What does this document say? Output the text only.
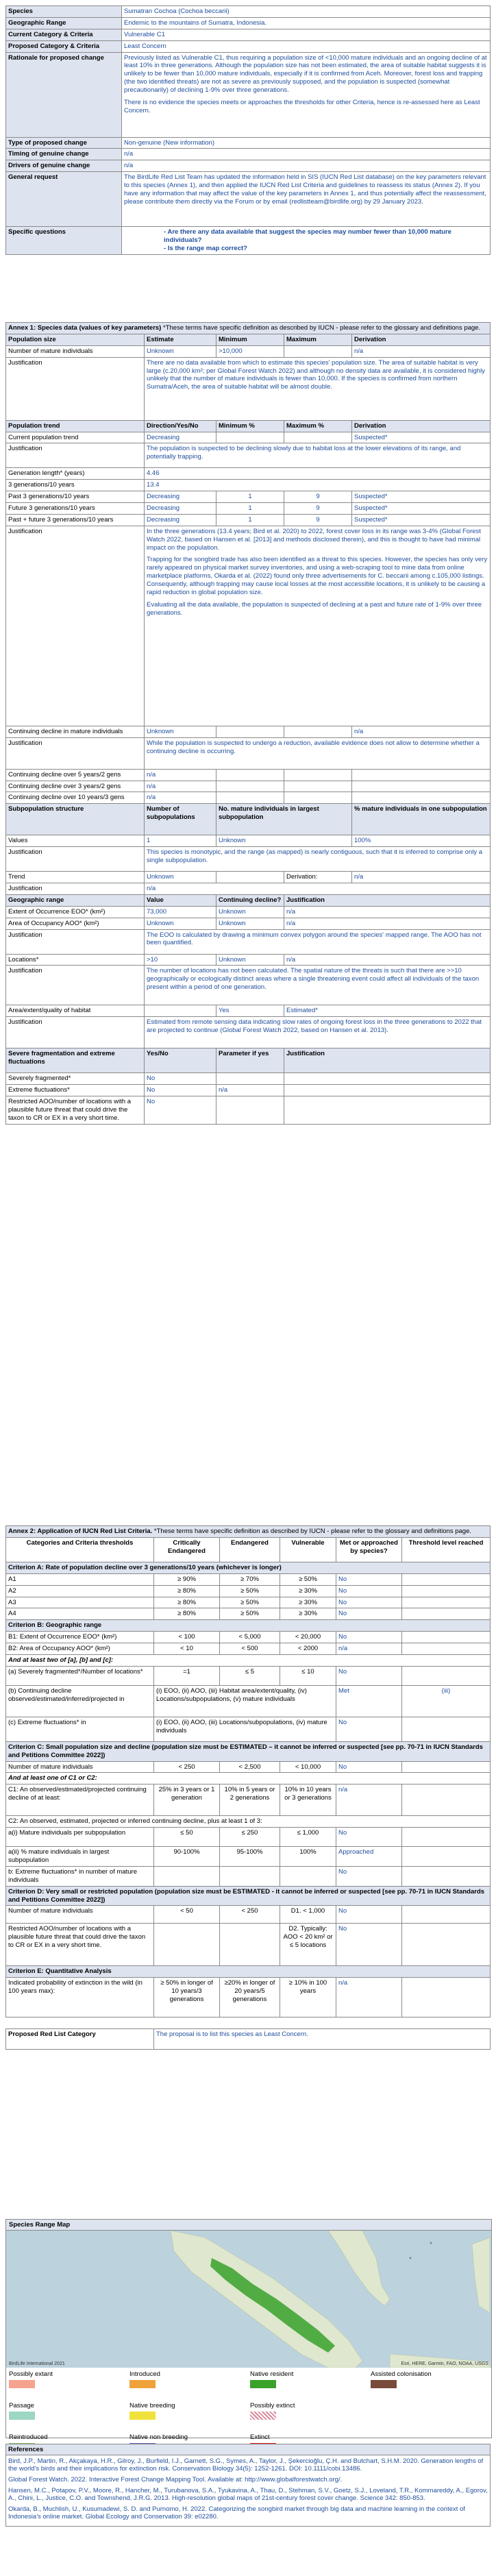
Species	Sumatran Cochoa (Cochoa beccarii)
Geographic Range	Endemic to the mountains of Sumatra, Indonesia.
Current Category & Criteria	Vulnerable C1
Proposed Category & Criteria	Least Concern
Rationale for proposed change	Previously listed as Vulnerable C1, thus requiring a population size of <10,000 mature individuals and an ongoing decline of at least 10% in three generations. Although the population size has not been estimated, the area of suitable habitat suggests it is unlikely to be fewer than 10,000 mature individuals, especially if it is confirmed from Aceh. Moreover, forest loss and trapping (the two identified threats) are not as severe as previously supposed, and the population is suspected (somewhat precautionarily) of declining 1-9% over three generations.

There is no evidence the species meets or approaches the thresholds for other Criteria, hence is re-assessed here as Least Concern.

Type of proposed change	Non-genuine (New information)
Timing of genuine change	n/a
Drivers of genuine change	n/a
General request	The BirdLife Red List Team has updated the information held in SIS (IUCN Red List database) on the key parameters relevant to this species (Annex 1), and then applied the IUCN Red List Criteria and guidelines to reassess its status (Annex 2). If you have any information that may affect the value of the key parameters in Annex 1, and thus potentially affect the reassessment, please contribute them directly via the Forum or by email (redlistteam@birdlife.org) by 29 January 2023.
Specific questions	- Are there any data available that suggest the species may number fewer than 10,000 mature individuals?
- Is the range map correct?
Annex 1: Species data (values of key parameters) *These terms have specific definition as described by IUCN - please refer to the glossary and definitions page.				
Population size	Estimate	Minimum	Maximum	Derivation
Number of mature individuals	Unknown	>10,000		n/a
Justification	There are no data available from which to estimate this species' population size. The area of suitable habitat is very large (c.20,000 km²; per Global Forest Watch 2022) and although no density data are available, it is considered highly unlikely that the number of mature individuals is fewer than 10,000. If the species is confirmed from northern Sumatra/Aceh, the area of suitable habitat will be almost double.			
Population trend	Direction/Yes/No	Minimum %	Maximum %	Derivation
Current population trend	Decreasing			Suspected*
Justification	The population is suspected to be declining slowly due to habitat loss at the lower elevations of its range, and potentially trapping.			
Generation length* (years)	4.46			
3 generations/10 years	13.4			
Past 3 generations/10 years	Decreasing	1	9	Suspected*
Future 3 generations/10 years	Decreasing	1	9	Suspected*
Past + future 3 generations/10 years	Decreasing	1	9	Suspected*
Justification	In the three generations (13.4 years; Bird et al. 2020) to 2022, forest cover loss in its range was 3-4% (Global Forest Watch 2022, based on Hansen et al. [2013] and methods disclosed therein), and this is thought to have had minimal impact on the population.

Trapping for the songbird trade has also been identified as a threat to this species. However, the species has only very rarely appeared on physical market survey inventories, and using a web-scraping tool to mine data from online marketplace platforms, Okarda et al. (2022) found only three advertisements for C. beccarii among c.105,000 listings. Consequently, although trapping may cause local losses at the most accessible locations, it is unlikely to be causing a rapid reduction in global population size.

Evaluating all the data available, the population is suspected of declining at a past and future rate of 1-9% over three generations.			

Continuing decline in mature individuals	Unknown			n/a
Justification	While the population is suspected to undergo a reduction, available evidence does not allow to determine whether a continuing decline is occurring.			
Continuing decline over 5 years/2 gens	n/a			
Continuing decline over 3 years/2 gens	n/a			
Continuing decline over 10 years/3 gens	n/a			
Subpopulation structure	Number of subpopulations	No. mature individuals in largest subpopulation		% mature individuals in one subpopulation
Values	1	Unknown		100%
Justification	This species is monotypic, and the range (as mapped) is nearly contiguous, such that it is inferred to comprise only a single subpopulation.			
Trend	Unknown		Derivation:	n/a
Justification	n/a			
Geographic range	Value	Continuing decline?	Justification	
Extent of Occurrence EOO* (km²)	73,000	Unknown	n/a	
Area of Occupancy AOO* (km²)	Unknown	Unknown	n/a	
Justification	The EOO is calculated by drawing a minimum convex polygon around the species' mapped range. The AOO has not been quantified.			
Locations*	>10	Unknown	n/a	
Justification	The number of locations has not been calculated. The spatial nature of the threats is such that there are >>10 geographically or ecologically distinct areas where a single threatening event could affect all individuals of the taxon present within a period of one generation.			
Area/extent/quality of habitat		Yes	Estimated*	
Justification	Estimated from remote sensing data indicating slow rates of ongoing forest loss in the three generations to 2022 that are projected to continue (Global Forest Watch 2022, based on Hansen et al. 2013).			
Severe fragmentation and extreme fluctuations	Yes/No	Parameter if yes	Justification	
Severely fragmented*	No			
Extreme fluctuations*	No	n/a		
Restricted AOO/number of locations with a plausible future threat that could drive the taxon to CR or EX in a very short time.	No			
Annex 2: Application of IUCN Red List Criteria. *These terms have specific definition as described by IUCN - please refer to the glossary and definitions page.					
Categories and Criteria thresholds	Critically Endangered	Endangered	Vulnerable	Met or approached by species?	Threshold level reached
Criterion A: Rate of population decline over 3 generations/10 years (whichever is longer)					
A1	≥ 90%	≥ 70%	≥ 50%	No	
A2	≥ 80%	≥ 50%	≥ 30%	No	
A3	≥ 80%	≥ 50%	≥ 30%	No	
A4	≥ 80%	≥ 50%	≥ 30%	No	
Criterion B: Geographic range					
B1: Extent of Occurrence EOO* (km²)	< 100	< 5,000	< 20,000	No	
B2: Area of Occupancy AOO* (km²)	< 10	< 500	< 2000	n/a	
And at least two of [a], [b] and [c]:					
(a) Severely fragmented*/Number of locations*	=1	≤ 5	≤ 10	No	
(b) Continuing decline observed/estimated/inferred/projected in	(i) EOO, (ii) AOO, (iii) Habitat area/extent/quality, (iv) Locations/subpopulations, (v) mature individuals			Met	(iii)
(c) Extreme fluctuations* in	(i) EOO, (ii) AOO, (iii) Locations/subpopulations, (iv) mature individuals			No	
Criterion C: Small population size and decline (population size must be ESTIMATED – it cannot be inferred or suspected [see pp. 70-71 in IUCN Standards and Petitions Committee 2022])					
Number of mature individuals	< 250	< 2,500	< 10,000	No	
And at least one of C1 or C2:					
C1: An observed/estimated/projected continuing decline of at least:	25% in 3 years or 1 generation	10% in 5 years or 2 generations	10% in 10 years or 3 generations	n/a	
C2: An observed, estimated, projected or inferred continuing decline, plus at least 1 of 3:					
a(i) Mature individuals per subpopulation	≤ 50	≤ 250	≤ 1,000	No	
a(ii) % mature individuals in largest subpopulation	90-100%	95-100%	100%	Approached	
b: Extreme fluctuations* in number of mature individuals				No	
Criterion D: Very small or restricted population (population size must be ESTIMATED - it cannot be inferred or suspected [see pp. 70-71 in IUCN Standards and Petitions Committee 2022])					
Number of mature individuals	< 50	< 250	D1. < 1,000	No	
Restricted AOO/number of locations with a plausible future threat that could drive the taxon to CR or EX in a very short time.			D2. Typically: AOO < 20 km² or ≤ 5 locations	No	
Criterion E: Quantitative Analysis					
Indicated probability of extinction in the wild (in 100 years max):	≥ 50% in longer of 10 years/3 generations	≥20% in longer of 20 years/5 generations	≥ 10% in 100 years	n/a	
Proposed Red List Category	The proposal is to list this species as Least Concern.
Species Range Map
BirdLife International 2021	Esri, HERE, Garmin, FAO, NOAA, USGS
Possibly extant	Introduced	Native resident	Assisted colonisation
Passage	Native breeding	Possibly extinct
Reintroduced	Native non breeding	Extinct
References

Bird, J.P., Martin, R., Akçakaya, H.R., Gilroy, J., Burfield, I.J., Garnett, S.G., Symes, A., Taylor, J., Şekercioğlu, Ç.H. and Butchart, S.H.M. 2020. Generation lengths of the world's birds and their implications for extinction risk. Conservation Biology 34(5): 1252-1261. DOI: 10.1111/cobi.13486.

Global Forest Watch. 2022. Interactive Forest Change Mapping Tool. Available at: http://www.globalforestwatch.org/.

Hansen, M.C., Potapov, P.V., Moore, R., Hancher, M., Turubanova, S.A., Tyukavina, A., Thau, D., Stehman, S.V., Goetz, S.J., Loveland, T.R., Kommareddy, A., Egorov, A., Chini, L., Justice, C.O. and Townshend, J.R.G. 2013. High-resolution global maps of 21st-century forest cover change. Science 342: 850-853.

Okarda, B., Muchlish, U., Kusumadewi, S. D. and Purnomo, H. 2022. Categorizing the songbird market through big data and machine learning in the context of Indonesia's online market. Global Ecology and Conservation 39: e02280.
